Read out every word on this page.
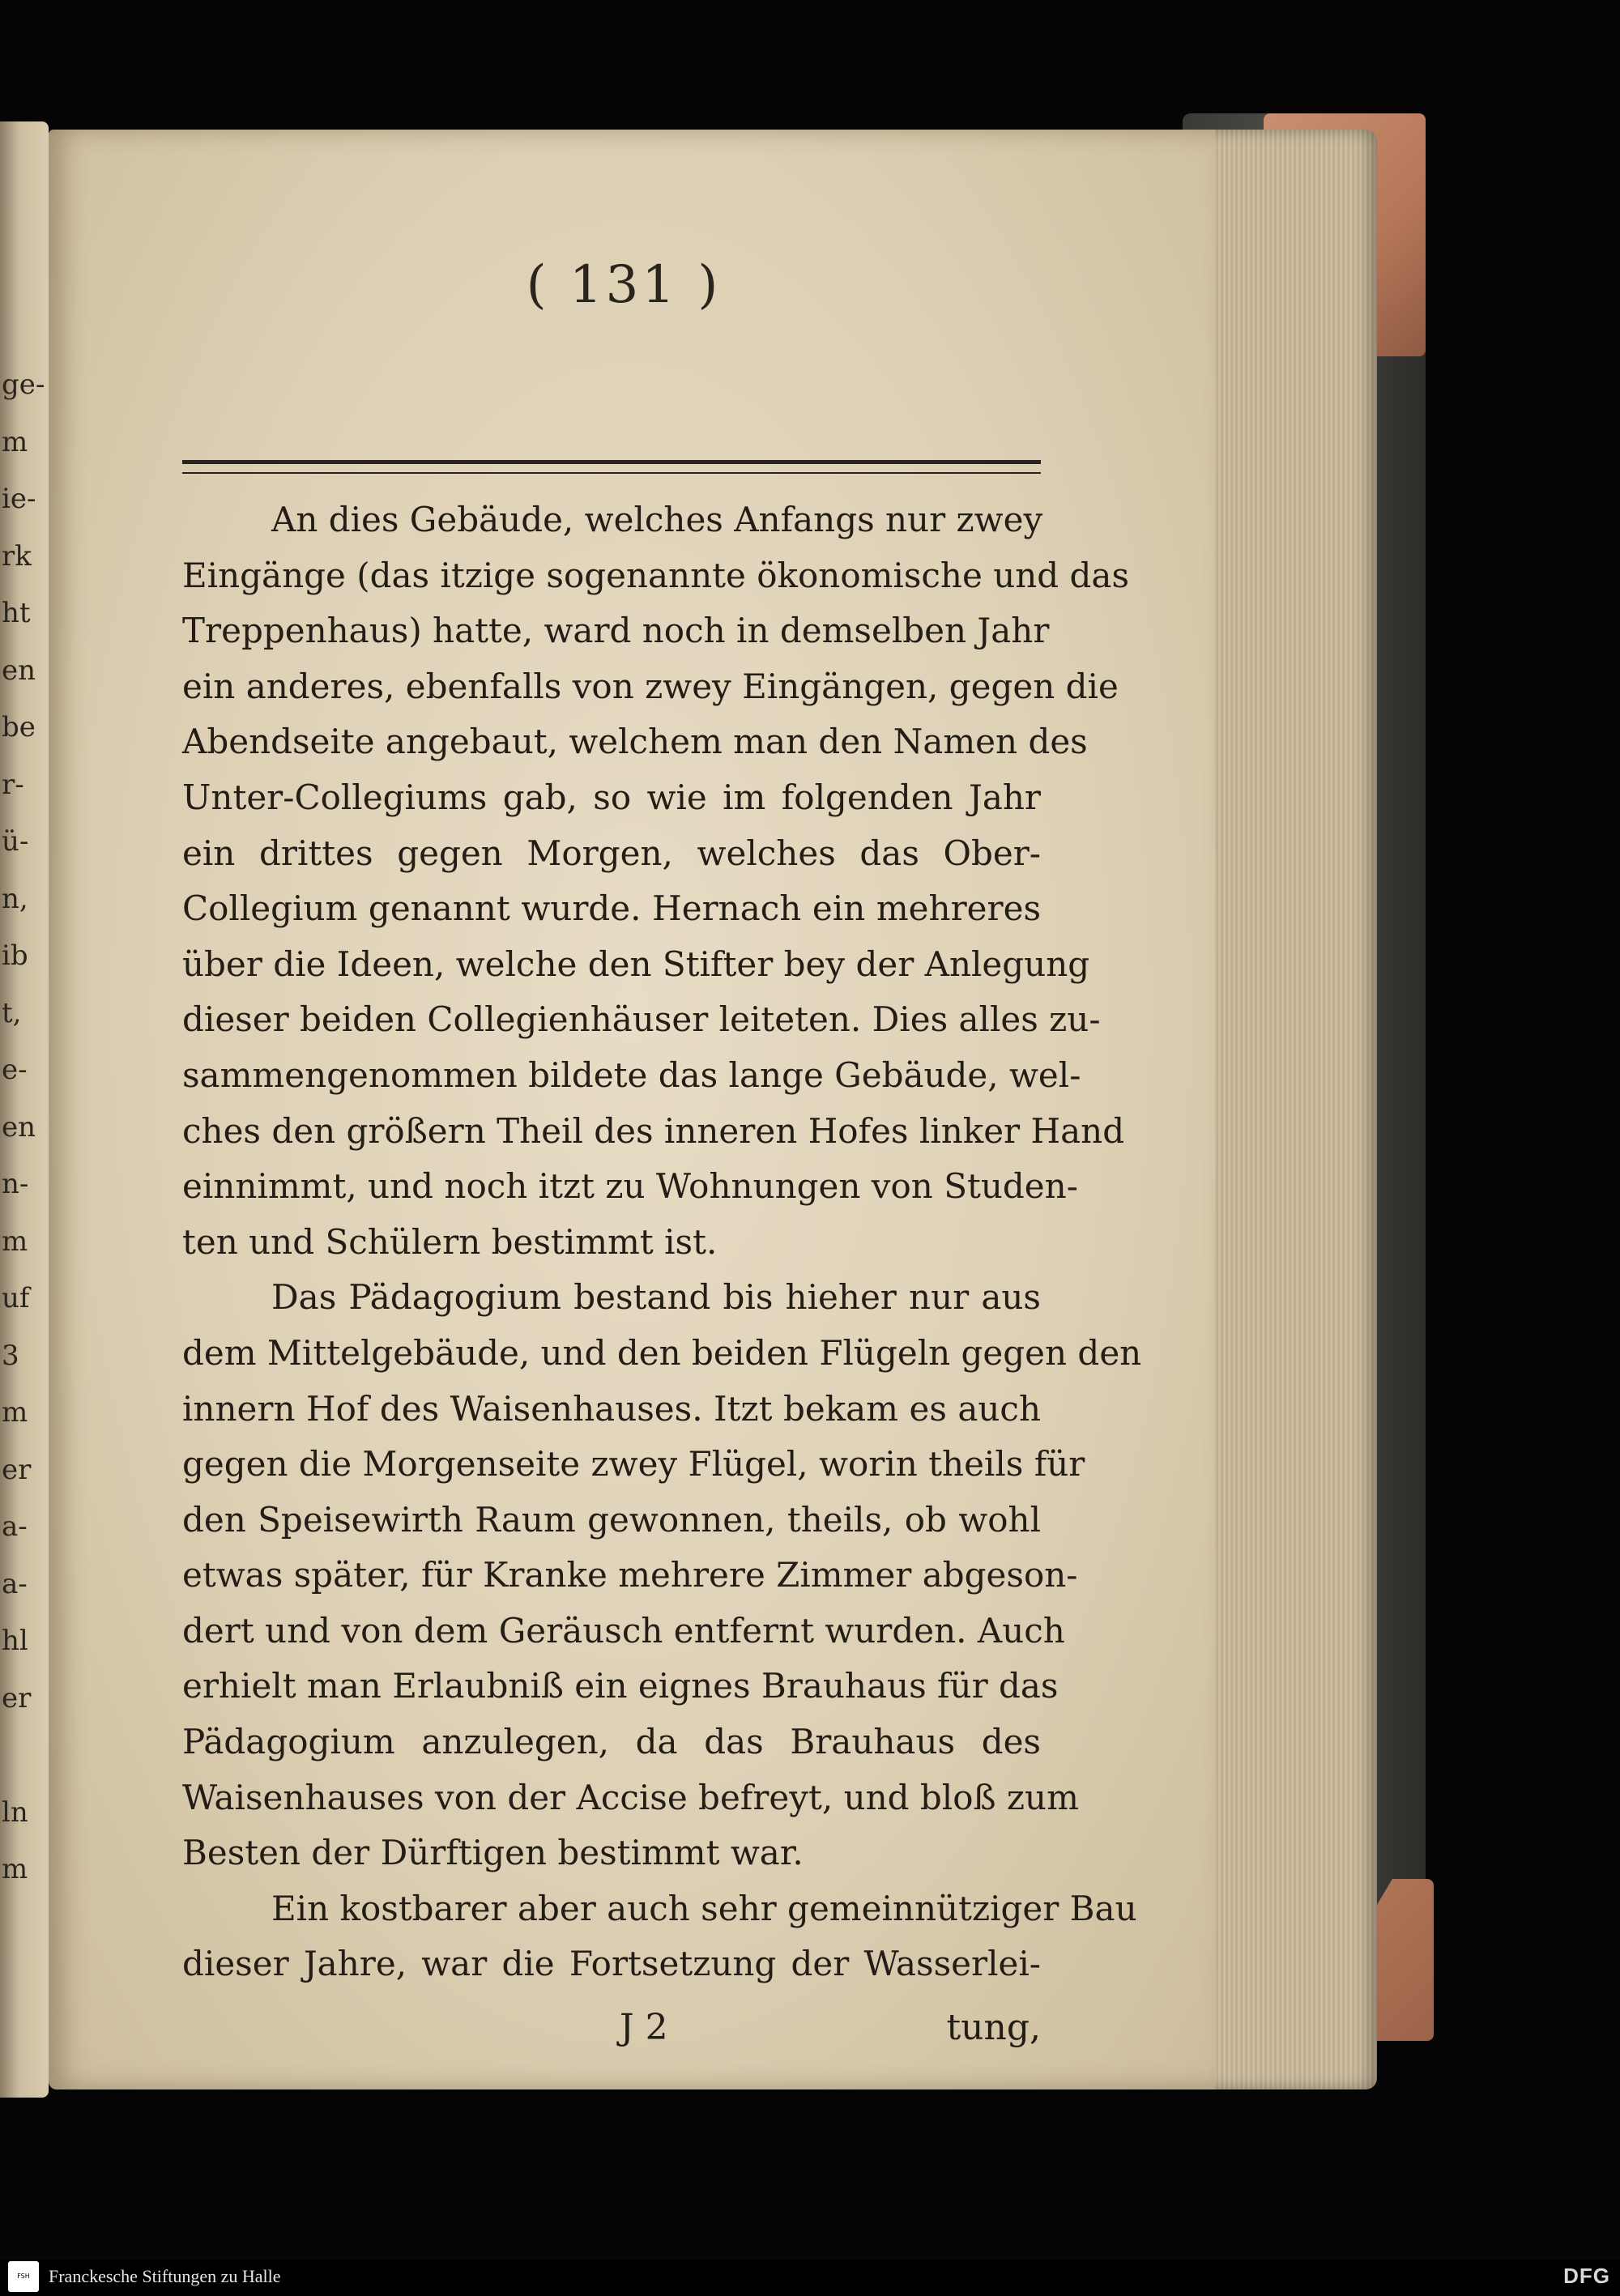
ge-
m
ie-
rk
ht
en
be
r-
ü-
n,
ib
t,
e-
en
n-
m
uf
3
m
er
a-
a-
hl
er
ln
m
( 131 )
An dies Gebäude, welches Anfangs nur zwey
Eingänge (das itzige sogenannte ökonomische und das
Treppenhaus) hatte, ward noch in demselben Jahr
ein anderes, ebenfalls von zwey Eingängen, gegen die
Abendseite angebaut, welchem man den Namen des
Unter-Collegiums gab, so wie im folgenden Jahr
ein drittes gegen Morgen, welches das Ober-
Collegium genannt wurde. Hernach ein mehreres
über die Ideen, welche den Stifter bey der Anlegung
dieser beiden Collegienhäuser leiteten. Dies alles zu-
sammengenommen bildete das lange Gebäude, wel-
ches den größern Theil des inneren Hofes linker Hand
einnimmt, und noch itzt zu Wohnungen von Studen-
ten und Schülern bestimmt ist.
Das Pädagogium bestand bis hieher nur aus
dem Mittelgebäude, und den beiden Flügeln gegen den
innern Hof des Waisenhauses. Itzt bekam es auch
gegen die Morgenseite zwey Flügel, worin theils für
den Speisewirth Raum gewonnen, theils, ob wohl
etwas später, für Kranke mehrere Zimmer abgeson-
dert und von dem Geräusch entfernt wurden. Auch
erhielt man Erlaubniß ein eignes Brauhaus für das
Pädagogium anzulegen, da das Brauhaus des
Waisenhauses von der Accise befreyt, und bloß zum
Besten der Dürftigen bestimmt war.
Ein kostbarer aber auch sehr gemeinnütziger Bau
dieser Jahre, war die Fortsetzung der Wasserlei-
J 2	tung,
FSH	Franckesche Stiftungen zu Halle	DFG
